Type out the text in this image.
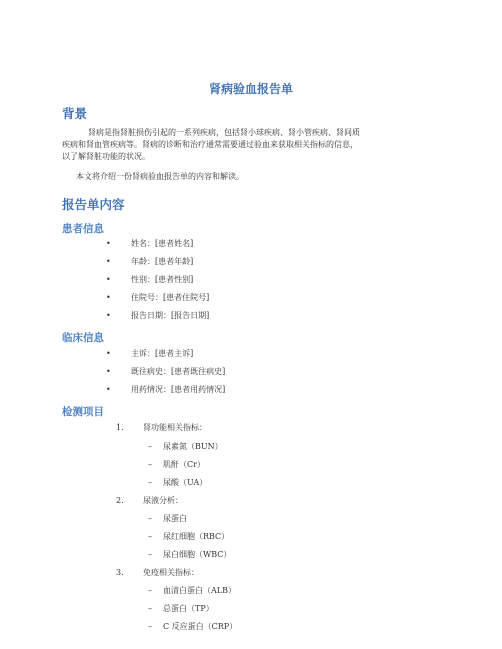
肾病验血报告单
背景
肾病是指肾脏损伤引起的一系列疾病，包括肾小球疾病、肾小管疾病、肾间质
疾病和肾血管疾病等。肾病的诊断和治疗通常需要通过验血来获取相关指标的信息，
以了解肾脏功能的状况。
本文将介绍一份肾病验血报告单的内容和解读。
报告单内容
患者信息
•	姓名：[患者姓名]
•	年龄：[患者年龄]
•	性别：[患者性别]
•	住院号：[患者住院号]
•	报告日期：[报告日期]
临床信息
•	主诉：[患者主诉]
•	既往病史：[患者既往病史]
•	用药情况：[患者用药情况]
检测项目
1. 肾功能相关指标：
– 尿素氮（BUN）
– 肌酐（Cr）
– 尿酸（UA）
2. 尿液分析：
– 尿蛋白
– 尿红细胞（RBC）
– 尿白细胞（WBC）
3. 免疫相关指标：
– 血清白蛋白（ALB）
– 总蛋白（TP）
– C 反应蛋白（CRP）
